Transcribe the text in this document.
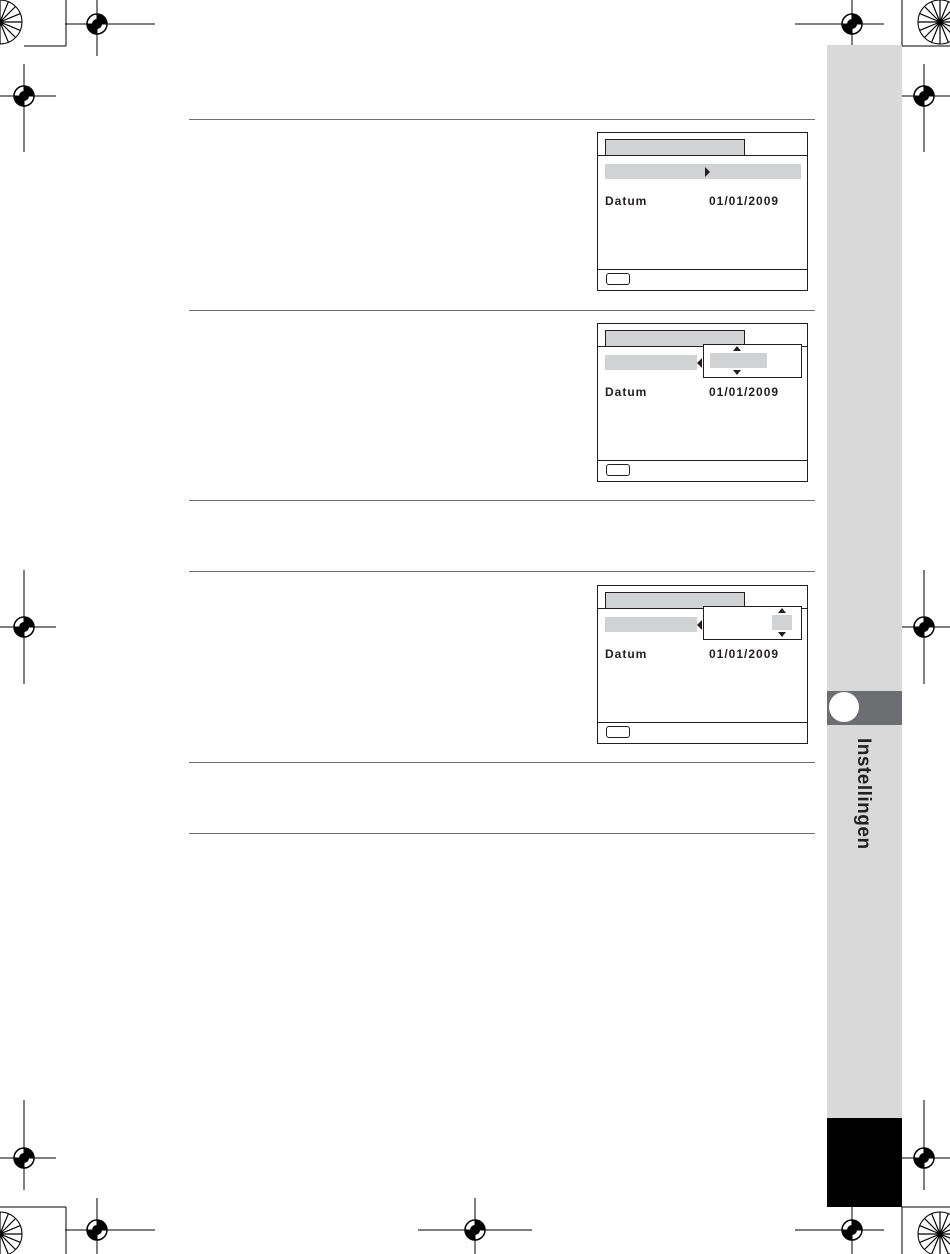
Instellingen
Datum	01/01/2009
Datum	01/01/2009
Datum	01/01/2009
